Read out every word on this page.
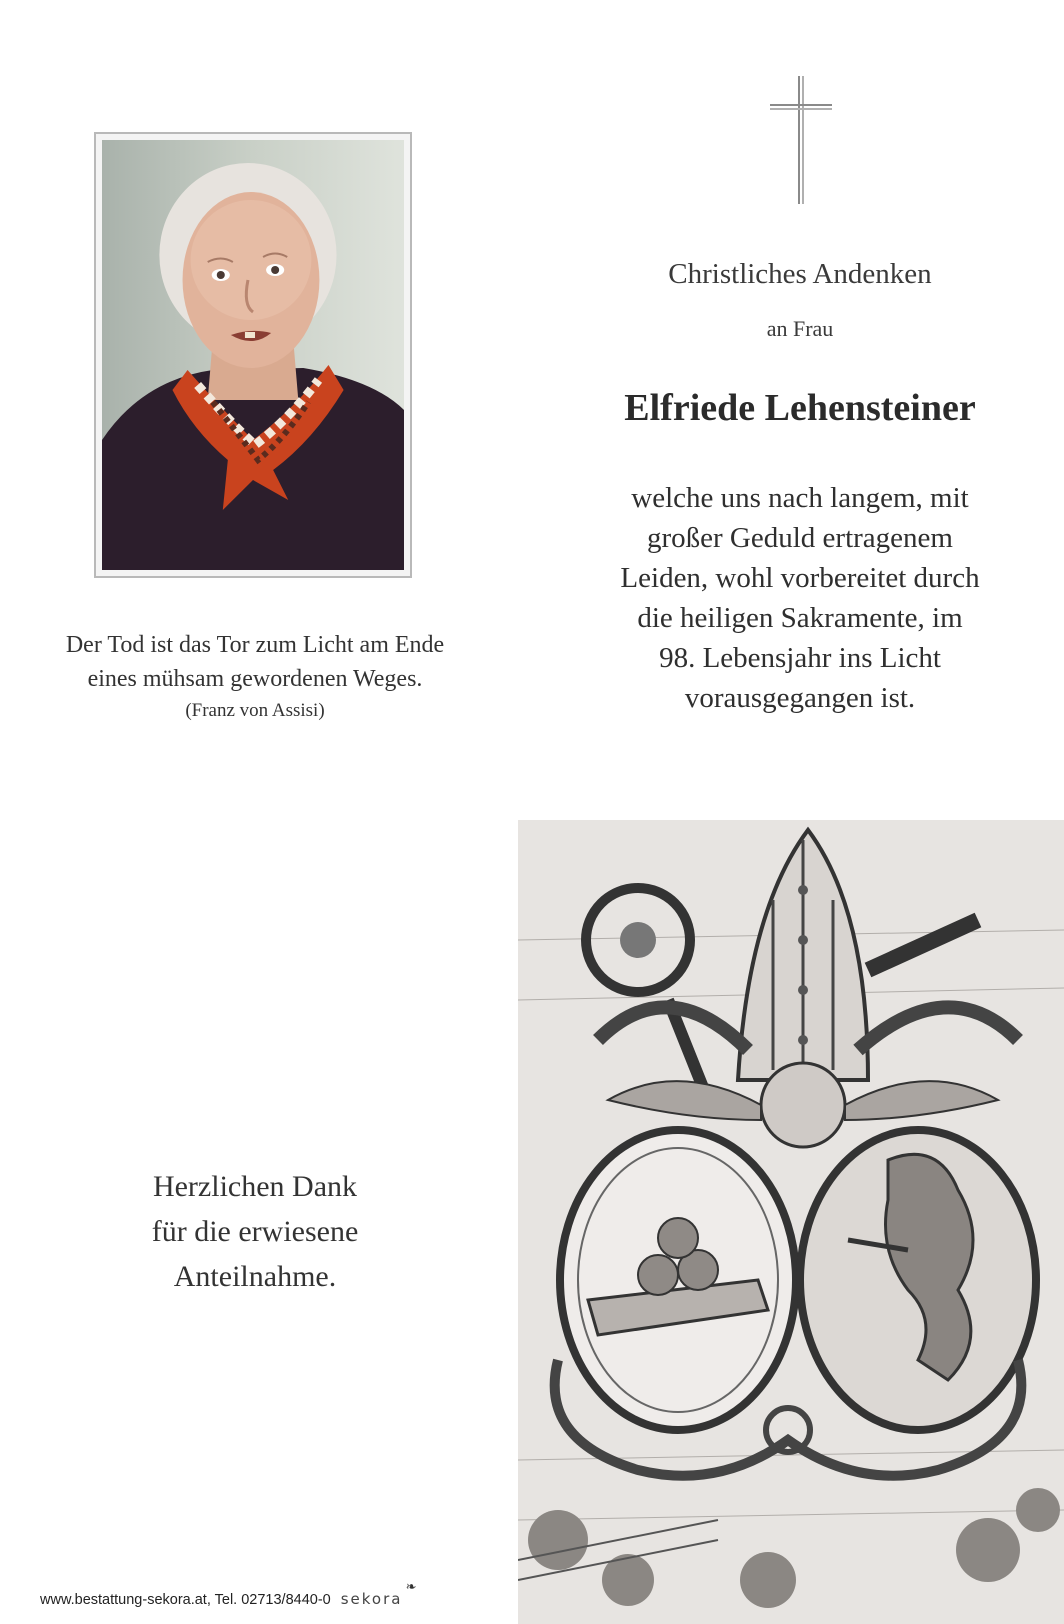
Der Tod ist das Tor zum Licht am Ende
eines mühsam gewordenen Weges.
(Franz von Assisi)
Christliches Andenken
an Frau
Elfriede Lehensteiner
welche uns nach langem, mit
großer Geduld ertragenem
Leiden, wohl vorbereitet durch
die heiligen Sakramente, im
98. Lebensjahr ins Licht
vorausgegangen ist.
Herzlichen Dank
für die erwiesene
Anteilnahme.
www.bestattung-sekora.at, Tel. 02713/8440-0 sekora
❧
